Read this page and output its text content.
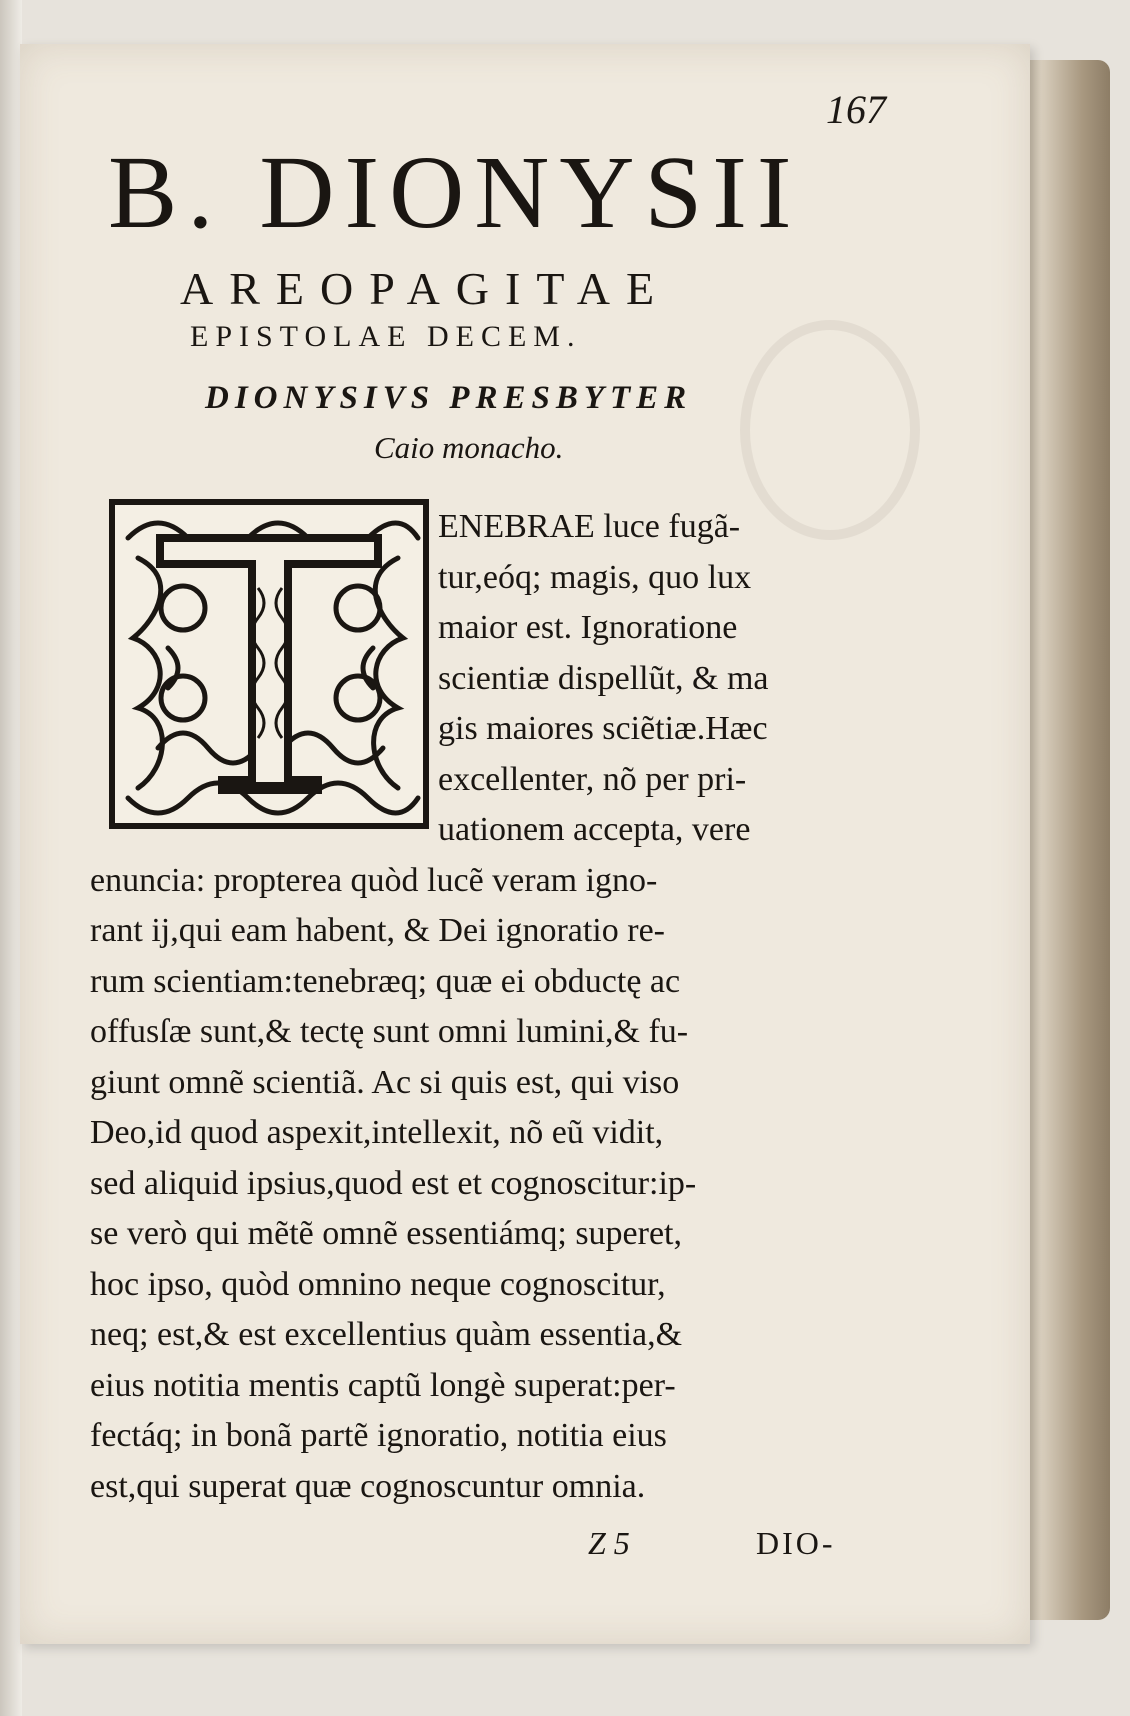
167
B. DIONYSII
AREOPAGITAE
EPISTOLAE DECEM.
DIONYSIVS PRESBYTER
Caio monacho.
ENEBRAE luce fugã-
tur,eóq; magis, quo lux
maior est. Ignoratione
scientiæ dispellũt, & ma
gis maiores sciẽtiæ.Hæc
excellenter, nõ per pri-
uationem accepta, vere
enuncia: propterea quòd lucẽ veram igno-
rant ij,qui eam habent, & Dei ignoratio re-
rum scientiam:tenebræq; quæ ei obductę ac
offusſæ sunt,& tectę sunt omni lumini,& fu-
giunt omnẽ scientiã. Ac si quis est, qui viso
Deo,id quod aspexit,intellexit, nõ eũ vidit,
sed aliquid ipsius,quod est et cognoscitur:ip-
se verò qui mẽtẽ omnẽ essentiámq; superet,
hoc ipso, quòd omnino neque cognoscitur,
neq; est,& est excellentius quàm essentia,&
eius notitia mentis captũ longè superat:per-
fectáq; in bonã partẽ ignoratio, notitia eius
est,qui superat quæ cognoscuntur omnia.
Z 5	DIO-
